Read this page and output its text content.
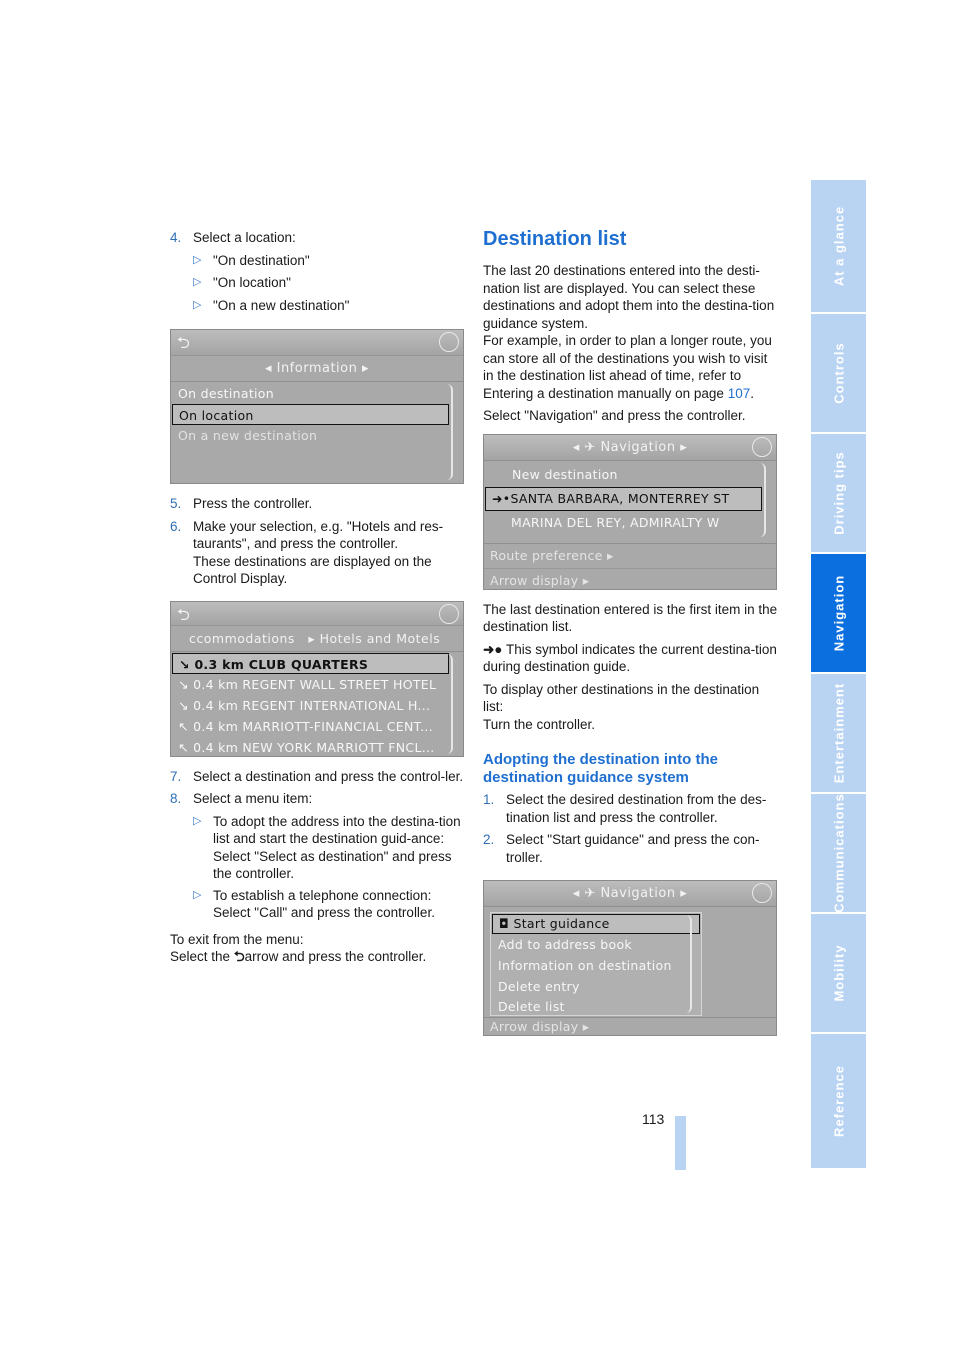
4. Select a location:
▷ "On destination"
▷ "On location"
▷ "On a new destination"
⮌
◂ Information ▸
On destination
On location
On a new destination
5. Press the controller.
6. Make your selection, e.g. "Hotels and res-taurants", and press the controller.
These destinations are displayed on the Control Display.
⮌
ccommodations   ▸ Hotels and Motels
↘ 0.3 km CLUB QUARTERS
↘ 0.4 km REGENT WALL STREET HOTEL
↘ 0.4 km REGENT INTERNATIONAL H...
↖ 0.4 km MARRIOTT-FINANCIAL CENT...
↖ 0.4 km NEW YORK MARRIOTT FNCL...
7. Select a destination and press the control-ler.
8. Select a menu item:
▷ To adopt the address into the destina-tion list and start the destination guid-ance:
Select "Select as destination" and press the controller.
▷ To establish a telephone connection:
Select "Call" and press the controller.

To exit from the menu:

Select the ⮌arrow and press the controller.

Destination list

The last 20 destinations entered into the desti-nation list are displayed. You can select these destinations and adopt them into the destina-tion guidance system.

For example, in order to plan a longer route, you can store all of the destinations you wish to visit in the destination list ahead of time, refer to Entering a destination manually on page 107.

Select "Navigation" and press the controller.

◂ ✈ Navigation ▸
New destination
➜•SANTA BARBARA, MONTERREY ST
MARINA DEL REY, ADMIRALTY W
Route preference ▸
Arrow display ▸

The last destination entered is the first item in the destination list.

➜● This symbol indicates the current destina-tion during destination guide.

To display other destinations in the destination list:

Turn the controller.

Adopting the destination into the destination guidance system
1. Select the desired destination from the des-tination list and press the controller.
2. Select "Start guidance" and press the con-troller.
◂ ✈ Navigation ▸
◘ Start guidance
Add to address book
Information on destination
Delete entry
Delete list
Arrow display ▸
At a glance
Controls
Driving tips
Navigation
Entertainment
Communications
Mobility
Reference
113
